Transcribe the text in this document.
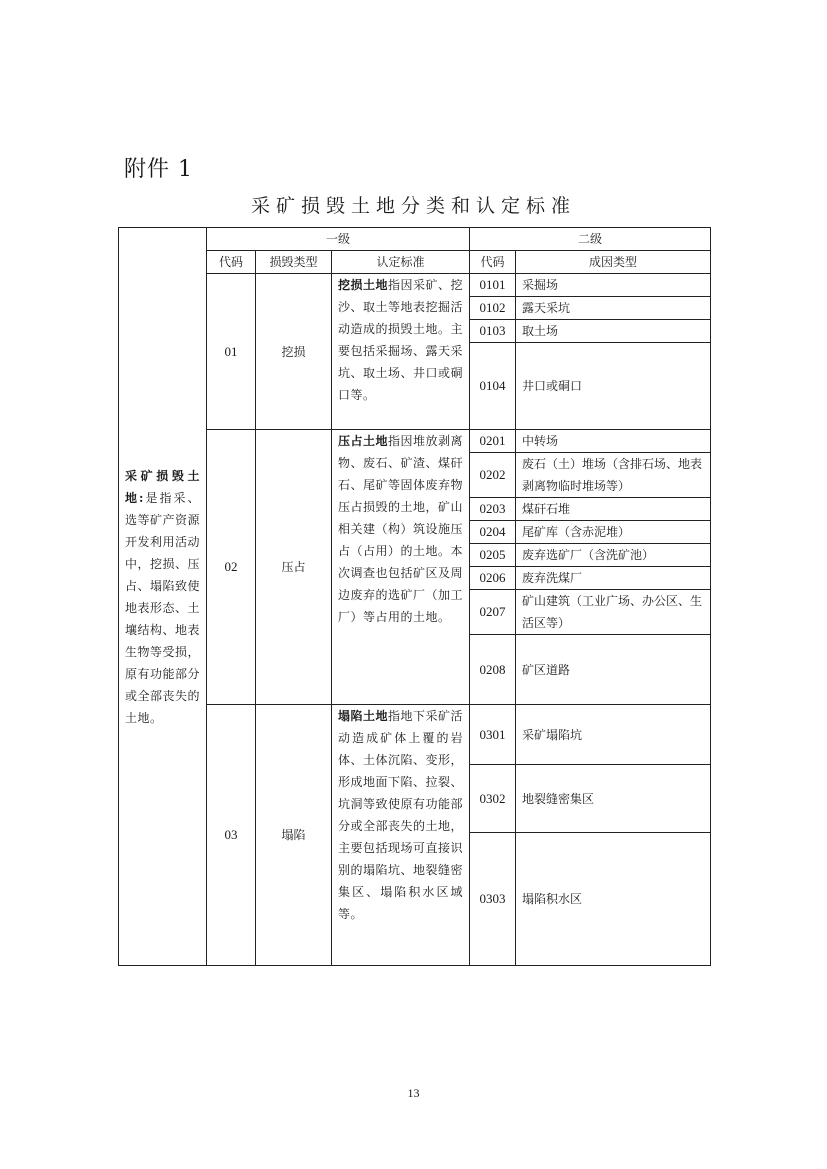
附件 1
采矿损毁土地分类和认定标准
采矿损毁土地:是指采、选等矿产资源开发利用活动中，挖损、压占、塌陷致使地表形态、土壤结构、地表生物等受损，原有功能部分或全部丧失的土地。	一级			二级	
	代码	损毁类型	认定标准	代码	成因类型
	01	挖损	挖损土地指因采矿、挖沙、取土等地表挖掘活动造成的损毁土地。主要包括采掘场、露天采坑、取土场、井口或硐口等。	0101	采掘场
				0102	露天采坑
				0103	取土场
				0104	井口或硐口
	02	压占	压占土地指因堆放剥离物、废石、矿渣、煤矸石、尾矿等固体废弃物压占损毁的土地，矿山相关建（构）筑设施压占（占用）的土地。本次调查也包括矿区及周边废弃的选矿厂（加工厂）等占用的土地。	0201	中转场
				0202	废石（土）堆场（含排石场、地表剥离物临时堆场等）
				0203	煤矸石堆
				0204	尾矿库（含赤泥堆）
				0205	废弃选矿厂（含洗矿池）
				0206	废弃洗煤厂
				0207	矿山建筑（工业广场、办公区、生活区等）
				0208	矿区道路
	03	塌陷	塌陷土地指地下采矿活动造成矿体上覆的岩体、土体沉陷、变形，形成地面下陷、拉裂、坑洞等致使原有功能部分或全部丧失的土地，主要包括现场可直接识别的塌陷坑、地裂缝密集区、塌陷积水区域等。	0301	采矿塌陷坑
				0302	地裂缝密集区
				0303	塌陷积水区
13
